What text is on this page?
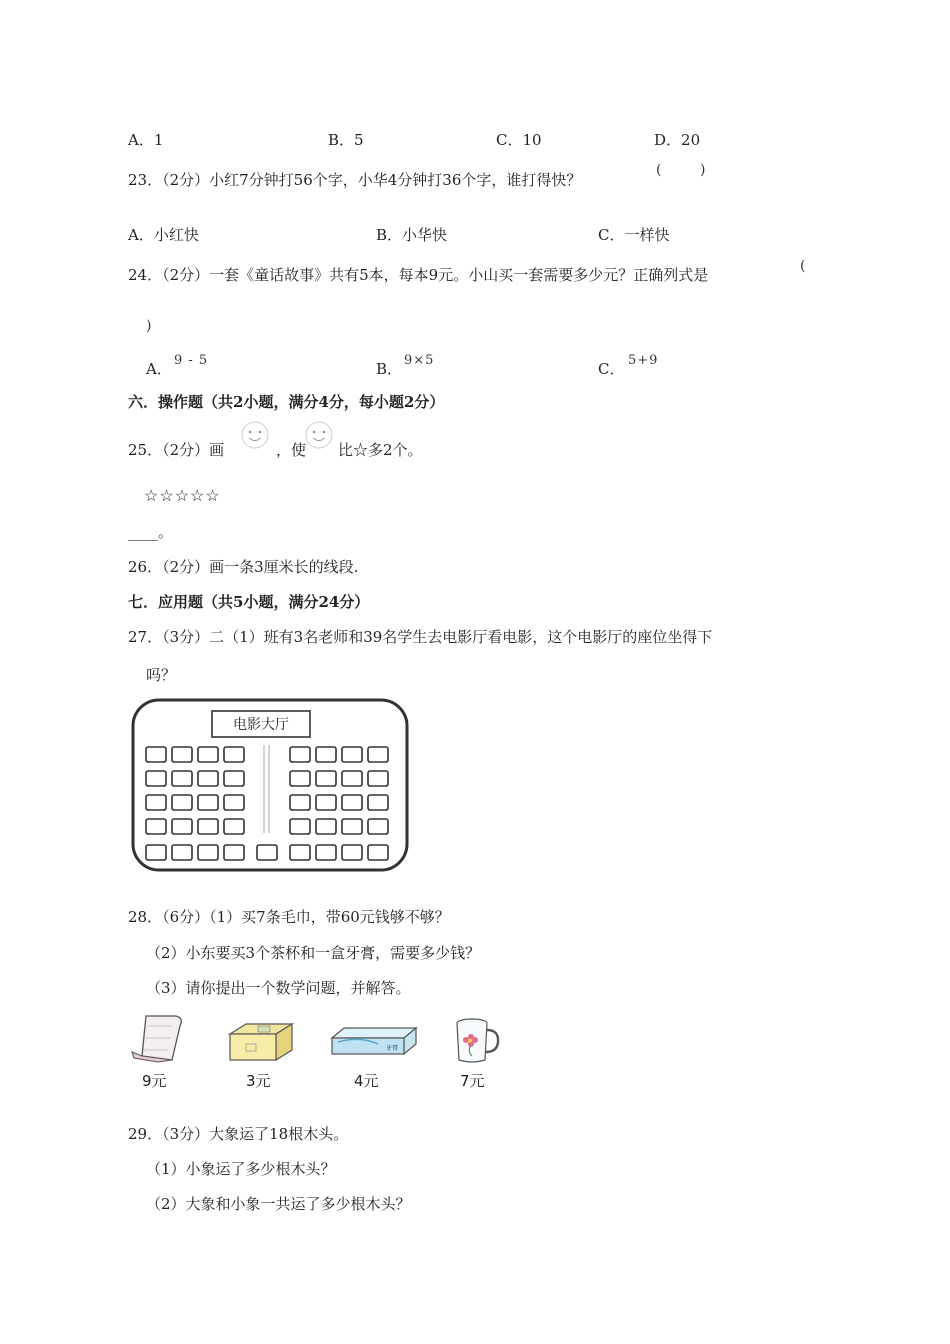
A．1	B．5	C．10	D．20
23．（2分）小红7分钟打56个字，小华4分钟打36个字，谁打得快？
(	)
A．小红快	B．小华快	C．一样快
24．（2分）一套《童话故事》共有5本，每本9元。小山买一套需要多少元？正确列式是	(
)
A． 9 - 5	B． 9×5	C． 5+9
六．操作题（共2小题，满分4分，每小题2分）
25．（2分）画	，使 比☆多2个。
☆☆☆☆☆
____。
26．（2分）画一条3厘米长的线段.
七．应用题（共5小题，满分24分）
27．（3分）二（1）班有3名老师和39名学生去电影厅看电影，这个电影厅的座位坐得下
吗？
电影大厅
28．（6分）（1）买7条毛巾，带60元钱够不够？
（2）小东要买3个茶杯和一盒牙膏，需要多少钱？
（3）请你提出一个数学问题，并解答。
9元	3元
牙膏
4元	7元
29．（3分）大象运了18根木头。
（1）小象运了多少根木头？
（2）大象和小象一共运了多少根木头？
